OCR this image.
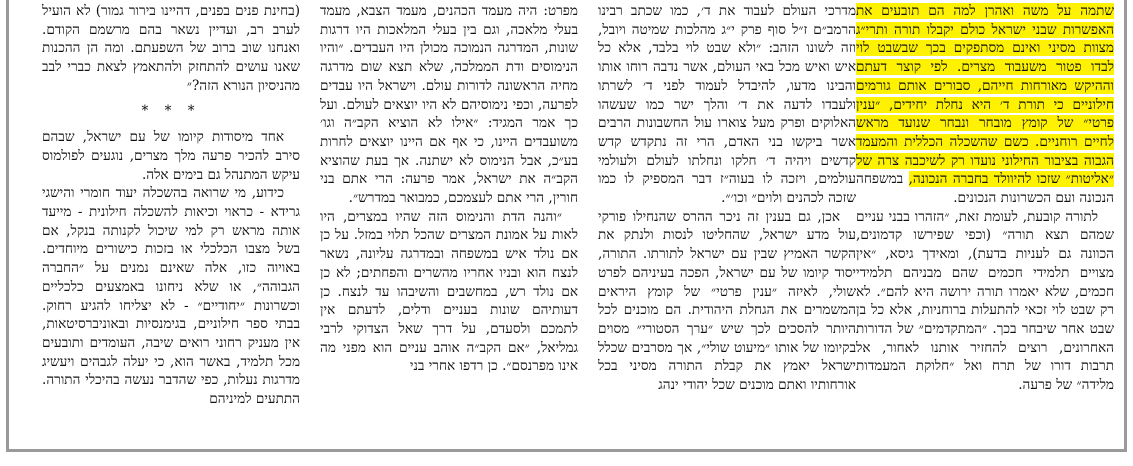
(בחינת פנים בפנים, דהיינו בירור גמור) לא הועיל לערב רב, ועדיין נשאר בהם מרשמם הקודם. ואנחנו שוב ברוב של השפעתם. ומה הן ההכנות שאנו עושים להתחזק ולהתאמץ לצאת כברי לבב מהניסיון הנורא הזה?״

* * *

אחד מיסודות קיומו של עם ישראל, שבהם סירב להכיר פרעה מלך מצרים, נוגעים לפולמוס עיקש המתנהל גם בימים אלה.

כידוע, מי שרואה בהשכלה יעוד חומרי והישגי גרידא - כראוי וכיאות להשכלה חילונית - מייעד אותה מראש רק למי שיכול לקנותה בנקל, אם בשל מצבו הכלכלי או בזכות כישורים מיוחדים. באויוה כזו, אלה שאינם נמנים על ״החברה הגבוהה״, או שלא ניחונו באמצעים כלכליים וכשרונות ״יחודיים״ - לא יצליחו להגיע רחוק. בבתי ספר חילוניים, בגימנסיות ובאוניברסיטאות, אין מעניק רחוני רואים שיבה, העומדים ותובעים מכל תלמיד, באשר הוא, כי יעלה לגבהים ויעשיג מדרגות נעלות, כפי שהדבר נעשה בהיכלי התורה. התתעים למיניהם

מפרט: היה מעמד הכהנים, מעמד הצבא, מעמד בעלי מלאכה, וגם בין בעלי המלאכות היו דרגות שונות, המדרגה הנמוכה מכולן היו העבדים. ״והיו הנימוסים ודת הממלכה, שלא תצא שום מדרגה מחיה הראשונה לדורות עולם. וישראל היו עבדים לפרעה, וכפי נימוסיהם לא היו יוצאים לעולם. ועל כך אמר המגיד: ״אילו לא הוציא הקב״ה וגו׳ משועבדים היינו, כי אף אם היינו יוצאים לחרות בע״כ, אבל הנימוס לא ישתנה. אך בעת שהוציא הקב״ה את ישראל, אמר פרעה: הרי אתם בני חורין, הרי אתם לעצמכם, כמבואר במדרש״.

״והנה הדת והנימוס הזה שהיו במצרים, היו לאות על אמונת המצרים שהכל תלוי במזל. על כן אם נולד איש במשפחה ובמדרגה עליונה, נשאר לנצח הוא ובניו אחריו מהשרים והפחתים; לא כן אם נולד רש, במחשבים והשיבהו עד לנצח. כן דעותיהם שונות בעניים ודלים, לדעתם אין לתמכם ולסעדם, על דרך שאל הצדוקי לרבי גמליאל, ״אם הקב״ה אוהב עניים הוא מפני מה אינו מפרנסם״. כן רדפו אחרי בני

מדרכי העולם לעבוד את ד׳, כמו שכתב רבינו הרמב״ם ז״ל סוף פרק י״ג מהלכות שמיטה ויובל, וזה לשונו הזהב: ״ולא שבט לוי בלבד, אלא כל איש ואיש מכל באי העולם, אשר נדבה רוחו אותו והבינו מדעו, להיבדל לעמוד לפני ד׳ לשרתו ולעבדו לדעה את ד׳ והלך ישר כמו שעשהו האלוקים ופרק מעל צוארו עול החשבונות הרבים אשר ביקשו בני האדם, הרי זה נתקדש קדש קדשים ויהיה ד׳ חלקו ונחלתו לעולם ולעולמי עולמים, ויזכה לו בעוה״ז דבר המספיק לו כמו שזכה לכהנים ולוים״ וכו׳״.

אכן, גם בענין זה ניכר ההרס שהנחילו פורקי עול מדע ישראל, שהחליטו לנסות ולנתק את הקשר האמיץ שבין עם ישראל לתורתו. התורה, יסוד קיומו של עם ישראל, הפכה בעיניהם לפרט שולי, לאיזה ״ענין פרטי״ של קומץ היראים המשמרים את הגחלת היהודית. הם מוכנים לכל היותר להסכים לכך שיש ״ערך הסטורי״ מסוים בקיומו של אותו ״מיעוט שולי״, אך מסרבים שכלל ישראל יאמץ את קבלת התורה מסיני בכל אורחותיו ואתם מוכנים שכל יהודי ינהג

שתמה על משה ואהרן למה הם תובעים את האפשרות שבני ישראל כולם יקבלו תורה ותרי״ג מצוות מסיני ואינם מסתפקים בכך שבשבט לוי לבדו פטור משעבוד מצרים. לפי קוצר דעתם וההיקש מאורחות חייהם, סבורים אותם גורמים חילוניים כי תורת ד׳ היא נחלת יחידים, ״ענין פרטי״ של קומץ מובחר ונבחר שנועד מראש לחיים רוחניים. כשם שהשכלה הכללית והמעמד הגבוה בציבור החילוני נועדו רק לשיכבה צרה של ״אליטות״ שזכו להיוולד בחברה הנכונה, במשפחה הנכונה ועם הכשרונות הנכונים.

לתורה קובעת, לעומת זאת, ״הזהרו בבני עניים שמהם תצא תורה״ (וכפי שפירשו קדמונים, הכוונה גם לעניות בדעת), ומאידך גיסא, ״אין מצויים תלמידי חכמים שהם מבניהם תלמידי חכמים, שלא יאמרו תורה ירושה היא להם״. לא רק שבט לוי זכאי להתעלות ברוחניות, אלא כל בן שבט אחר שיבחר בכך. ״המתקדמים״ של הדורות האחרונים, רוצים להחזיר אותנו לאחור, אל תרבות דורו של תרח ואל ״חלוקת המעמדות מלידה״ של פרעה.
